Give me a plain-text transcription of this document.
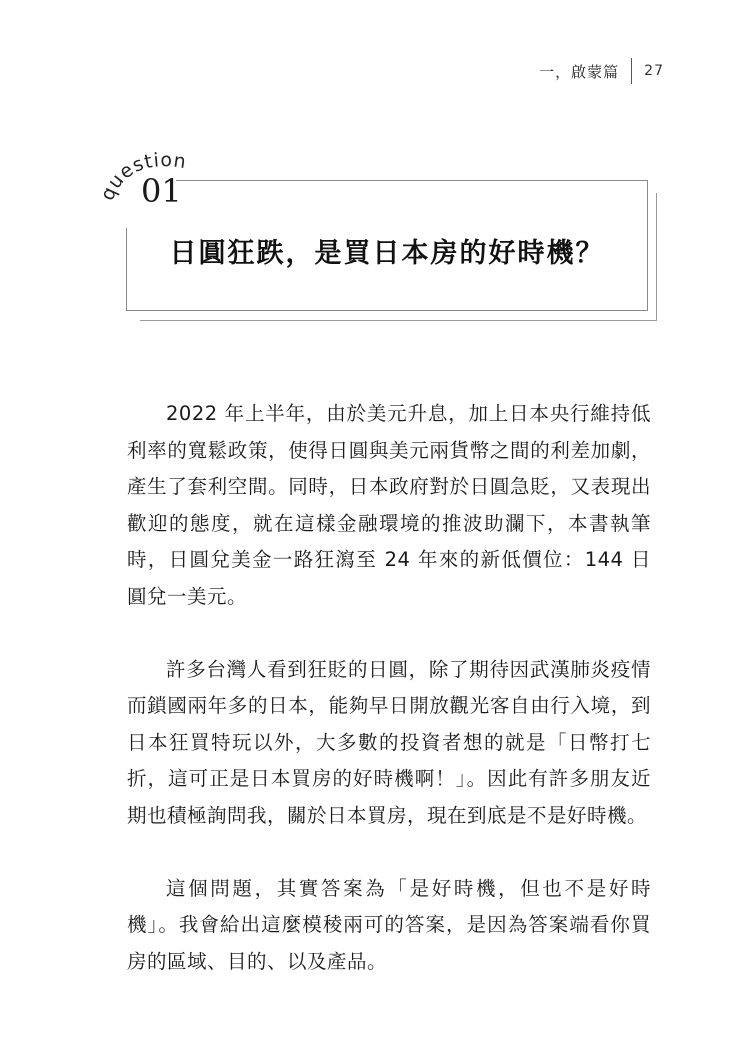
一，啟蒙篇 27
日圓狂跌，是買日本房的好時機？
question
01

2022 年上半年，由於美元升息，加上日本央行維持低利率的寬鬆政策，使得日圓與美元兩貨幣之間的利差加劇，產生了套利空間。同時，日本政府對於日圓急貶，又表現出歡迎的態度，就在這樣金融環境的推波助瀾下，本書執筆時，日圓兌美金一路狂瀉至 24 年來的新低價位：144 日圓兌一美元。

許多台灣人看到狂貶的日圓，除了期待因武漢肺炎疫情而鎖國兩年多的日本，能夠早日開放觀光客自由行入境，到日本狂買特玩以外，大多數的投資者想的就是「日幣打七折，這可正是日本買房的好時機啊！」。因此有許多朋友近期也積極詢問我，關於日本買房，現在到底是不是好時機。

這個問題，其實答案為「是好時機，但也不是好時機」。我會給出這麼模稜兩可的答案，是因為答案端看你買房的區域、目的、以及產品。
